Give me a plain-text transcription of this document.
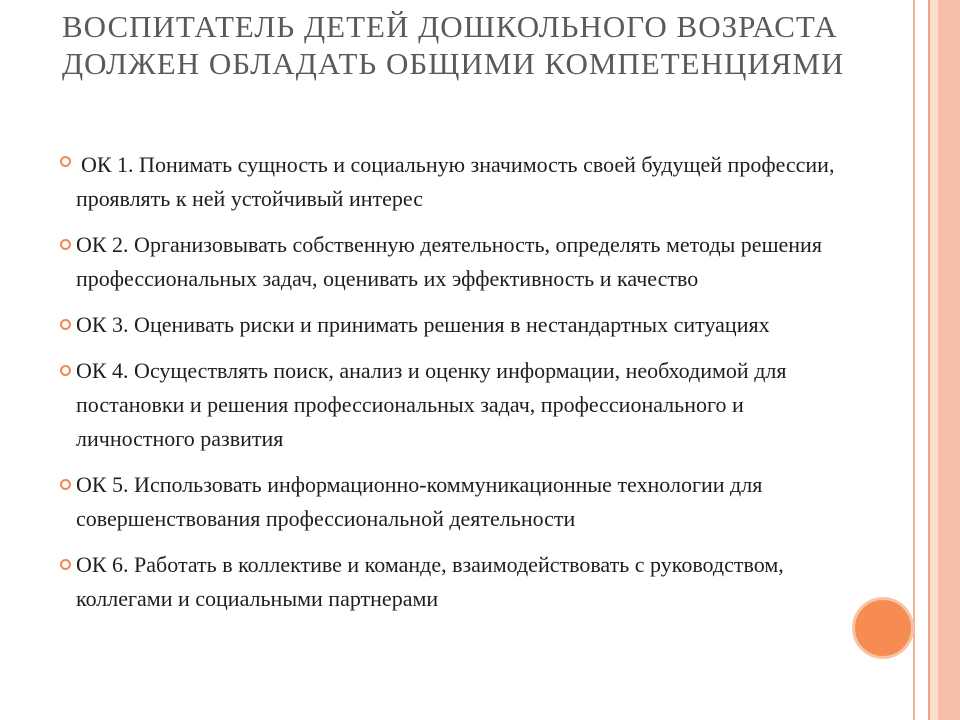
ВОСПИТАТЕЛЬ ДЕТЕЙ ДОШКОЛЬНОГО ВОЗРАСТА ДОЛЖЕН ОБЛАДАТЬ ОБЩИМИ КОМПЕТЕНЦИЯМИ
ОК 1. Понимать сущность и социальную значимость своей будущей профессии, проявлять к ней устойчивый интерес
ОК 2. Организовывать собственную деятельность, определять методы решения профессиональных задач, оценивать их эффективность и качество
ОК 3. Оценивать риски и принимать решения в нестандартных ситуациях
ОК 4. Осуществлять поиск, анализ и оценку информации, необходимой для постановки и решения профессиональных задач, профессионального и личностного развития
ОК 5. Использовать информационно-коммуникационные технологии для совершенствования профессиональной деятельности
ОК 6. Работать в коллективе и команде, взаимодействовать с руководством, коллегами и социальными партнерами
